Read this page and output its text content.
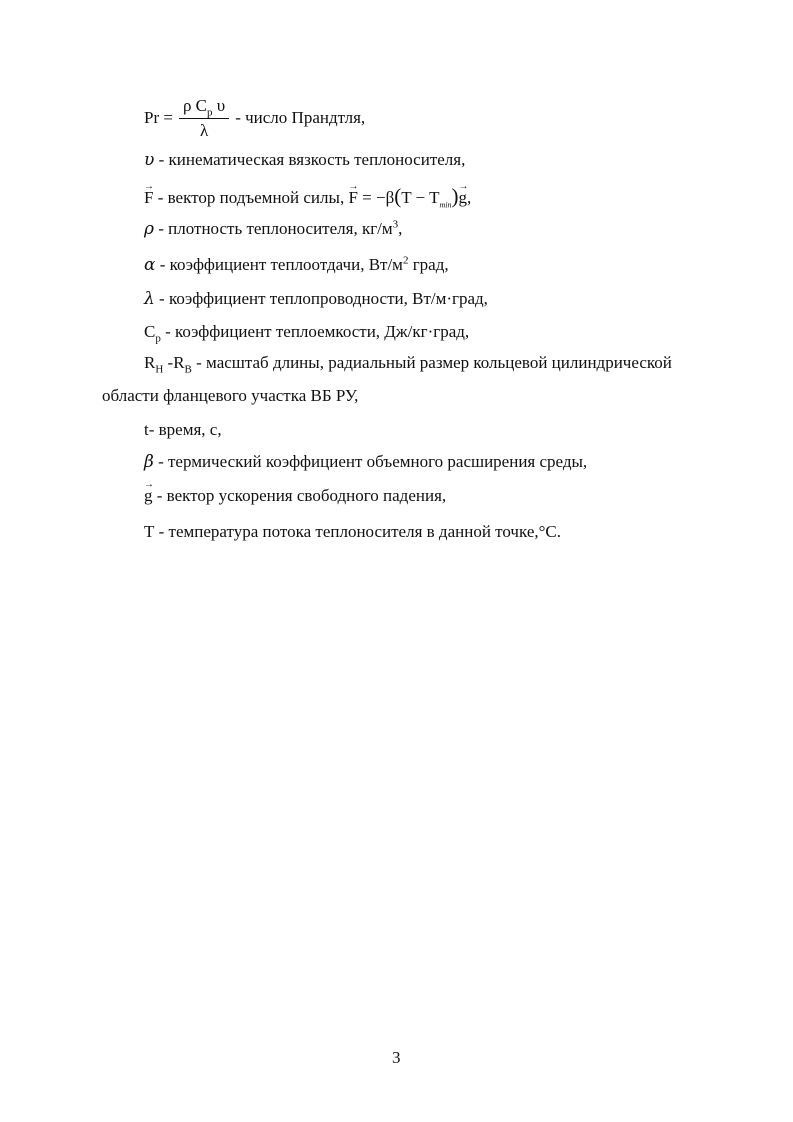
$Pr = \frac{\rho C_p \upsilon}{\lambda}$ - число Прандтля,
υ - кинематическая вязкость теплоносителя,
→ F - вектор подъемной силы, → $F = -\beta(T - T_{min})\to g$,
ρ - плотность теплоносителя, $кг/м^3$,
α - коэффициент теплоотдачи, $Вт/м^2$ град,
λ - коэффициент теплопроводности, Вт/м·град,
$C_p$ - коэффициент теплоемкости, Дж/кг·град,
$R_Н$ $-R_В$ - масштаб длины, радиальный размер кольцевой цилиндрической
области фланцевого участка ВБ РУ,
t- время, с,
β - термический коэффициент объемного расширения среды,
→ g - вектор ускорения свободного падения,
Т - температура потока теплоносителя в данной точке,°С.
3
